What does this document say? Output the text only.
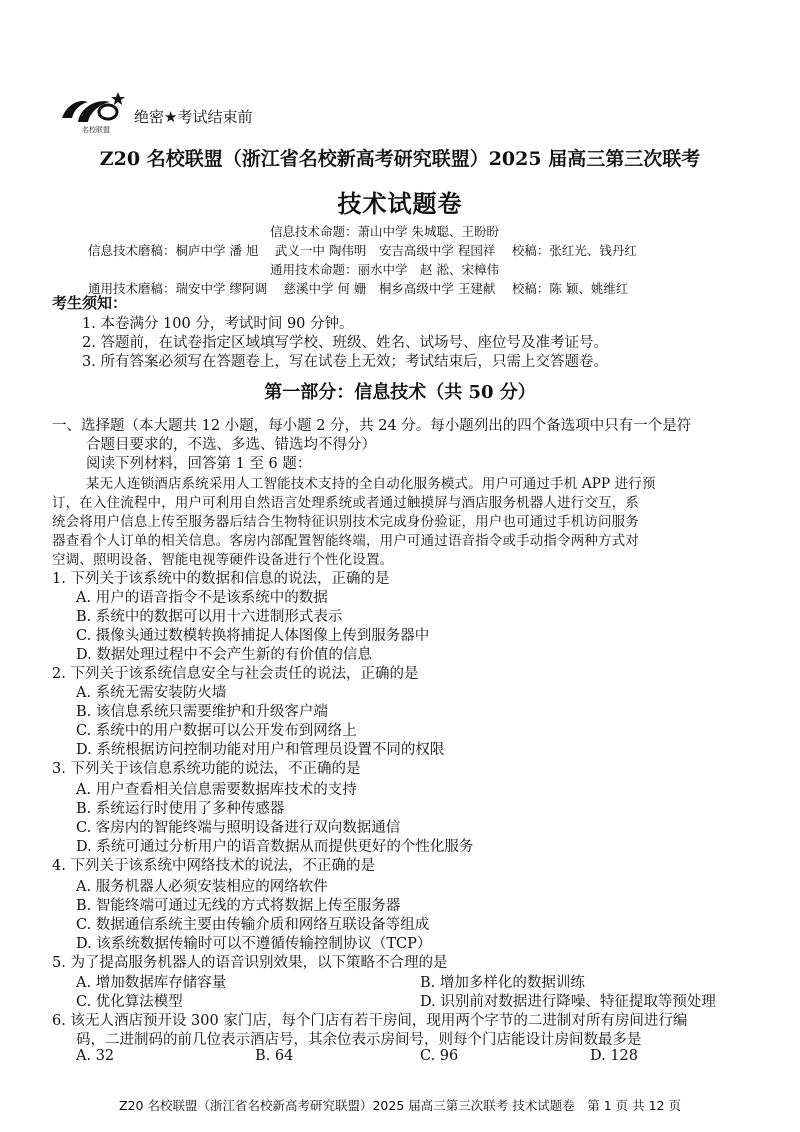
名校联盟
绝密★考试结束前
Z20 名校联盟（浙江省名校新高考研究联盟）2025 届高三第三次联考
技术试题卷
信息技术命题：萧山中学 朱城聪、王盼盼
信息技术磨稿：桐庐中学 潘 旭　 武义一中 陶伟明　安吉高级中学 程国祥　 校稿：张红光、钱丹红
通用技术命题：丽水中学　赵 淞、宋樟伟
通用技术磨稿：瑞安中学 缪阿调　 慈溪中学 何 姗　桐乡高级中学 王建献　 校稿：陈 颖、姚维红
考生须知：
1. 本卷满分 100 分，考试时间 90 分钟。
2. 答题前，在试卷指定区域填写学校、班级、姓名、试场号、座位号及准考证号。
3. 所有答案必须写在答题卷上，写在试卷上无效；考试结束后，只需上交答题卷。
第一部分：信息技术（共 50 分）
一、选择题（本大题共 12 小题，每小题 2 分，共 24 分。每小题列出的四个备选项中只有一个是符
合题目要求的，不选、多选、错选均不得分）
阅读下列材料，回答第 1 至 6 题：
某无人连锁酒店系统采用人工智能技术支持的全自动化服务模式。用户可通过手机 APP 进行预
订，在入住流程中，用户可利用自然语言处理系统或者通过触摸屏与酒店服务机器人进行交互，系
统会将用户信息上传至服务器后结合生物特征识别技术完成身份验证，用户也可通过手机访问服务
器查看个人订单的相关信息。客房内部配置智能终端，用户可通过语音指令或手动指令两种方式对
空调、照明设备、智能电视等硬件设备进行个性化设置。
1. 下列关于该系统中的数据和信息的说法，正确的是
A. 用户的语音指令不是该系统中的数据
B. 系统中的数据可以用十六进制形式表示
C. 摄像头通过数模转换将捕捉人体图像上传到服务器中
D. 数据处理过程中不会产生新的有价值的信息
2. 下列关于该系统信息安全与社会责任的说法，正确的是
A. 系统无需安装防火墙
B. 该信息系统只需要维护和升级客户端
C. 系统中的用户数据可以公开发布到网络上
D. 系统根据访问控制功能对用户和管理员设置不同的权限
3. 下列关于该信息系统功能的说法，不正确的是
A. 用户查看相关信息需要数据库技术的支持
B. 系统运行时使用了多种传感器
C. 客房内的智能终端与照明设备进行双向数据通信
D. 系统可通过分析用户的语音数据从而提供更好的个性化服务
4. 下列关于该系统中网络技术的说法，不正确的是
A. 服务机器人必须安装相应的网络软件
B. 智能终端可通过无线的方式将数据上传至服务器
C. 数据通信系统主要由传输介质和网络互联设备等组成
D. 该系统数据传输时可以不遵循传输控制协议（TCP）
5. 为了提高服务机器人的语音识别效果，以下策略不合理的是
A. 增加数据库存储容量	B. 增加多样化的数据训练
C. 优化算法模型	D. 识别前对数据进行降噪、特征提取等预处理
6. 该无人酒店预开设 300 家门店，每个门店有若干房间，现用两个字节的二进制对所有房间进行编
码，二进制码的前几位表示酒店号，其余位表示房间号，则每个门店能设计房间数最多是
A. 32	B. 64	C. 96	D. 128
Z20 名校联盟（浙江省名校新高考研究联盟）2025 届高三第三次联考 技术试题卷　第 1 页 共 12 页
